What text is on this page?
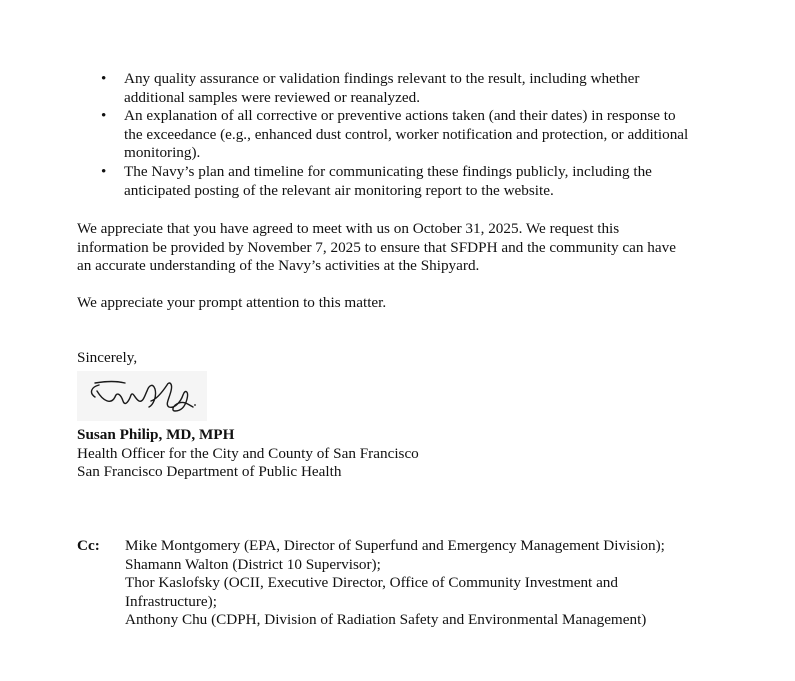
•	Any quality assurance or validation findings relevant to the result, including whether
additional samples were reviewed or reanalyzed.
•	An explanation of all corrective or preventive actions taken (and their dates) in response to
the exceedance (e.g., enhanced dust control, worker notification and protection, or additional
monitoring).
•	The Navy’s plan and timeline for communicating these findings publicly, including the
anticipated posting of the relevant air monitoring report to the website.
We appreciate that you have agreed to meet with us on October 31, 2025. We request this
information be provided by November 7, 2025 to ensure that SFDPH and the community can have
an accurate understanding of the Navy’s activities at the Shipyard.
We appreciate your prompt attention to this matter.
Sincerely,
Susan Philip, MD, MPH
Health Officer for the City and County of San Francisco
San Francisco Department of Public Health
Cc: Mike Montgomery (EPA, Director of Superfund and Emergency Management Division);
Shamann Walton (District 10 Supervisor);
Thor Kaslofsky (OCII, Executive Director, Office of Community Investment and
Infrastructure);
Anthony Chu (CDPH, Division of Radiation Safety and Environmental Management)
